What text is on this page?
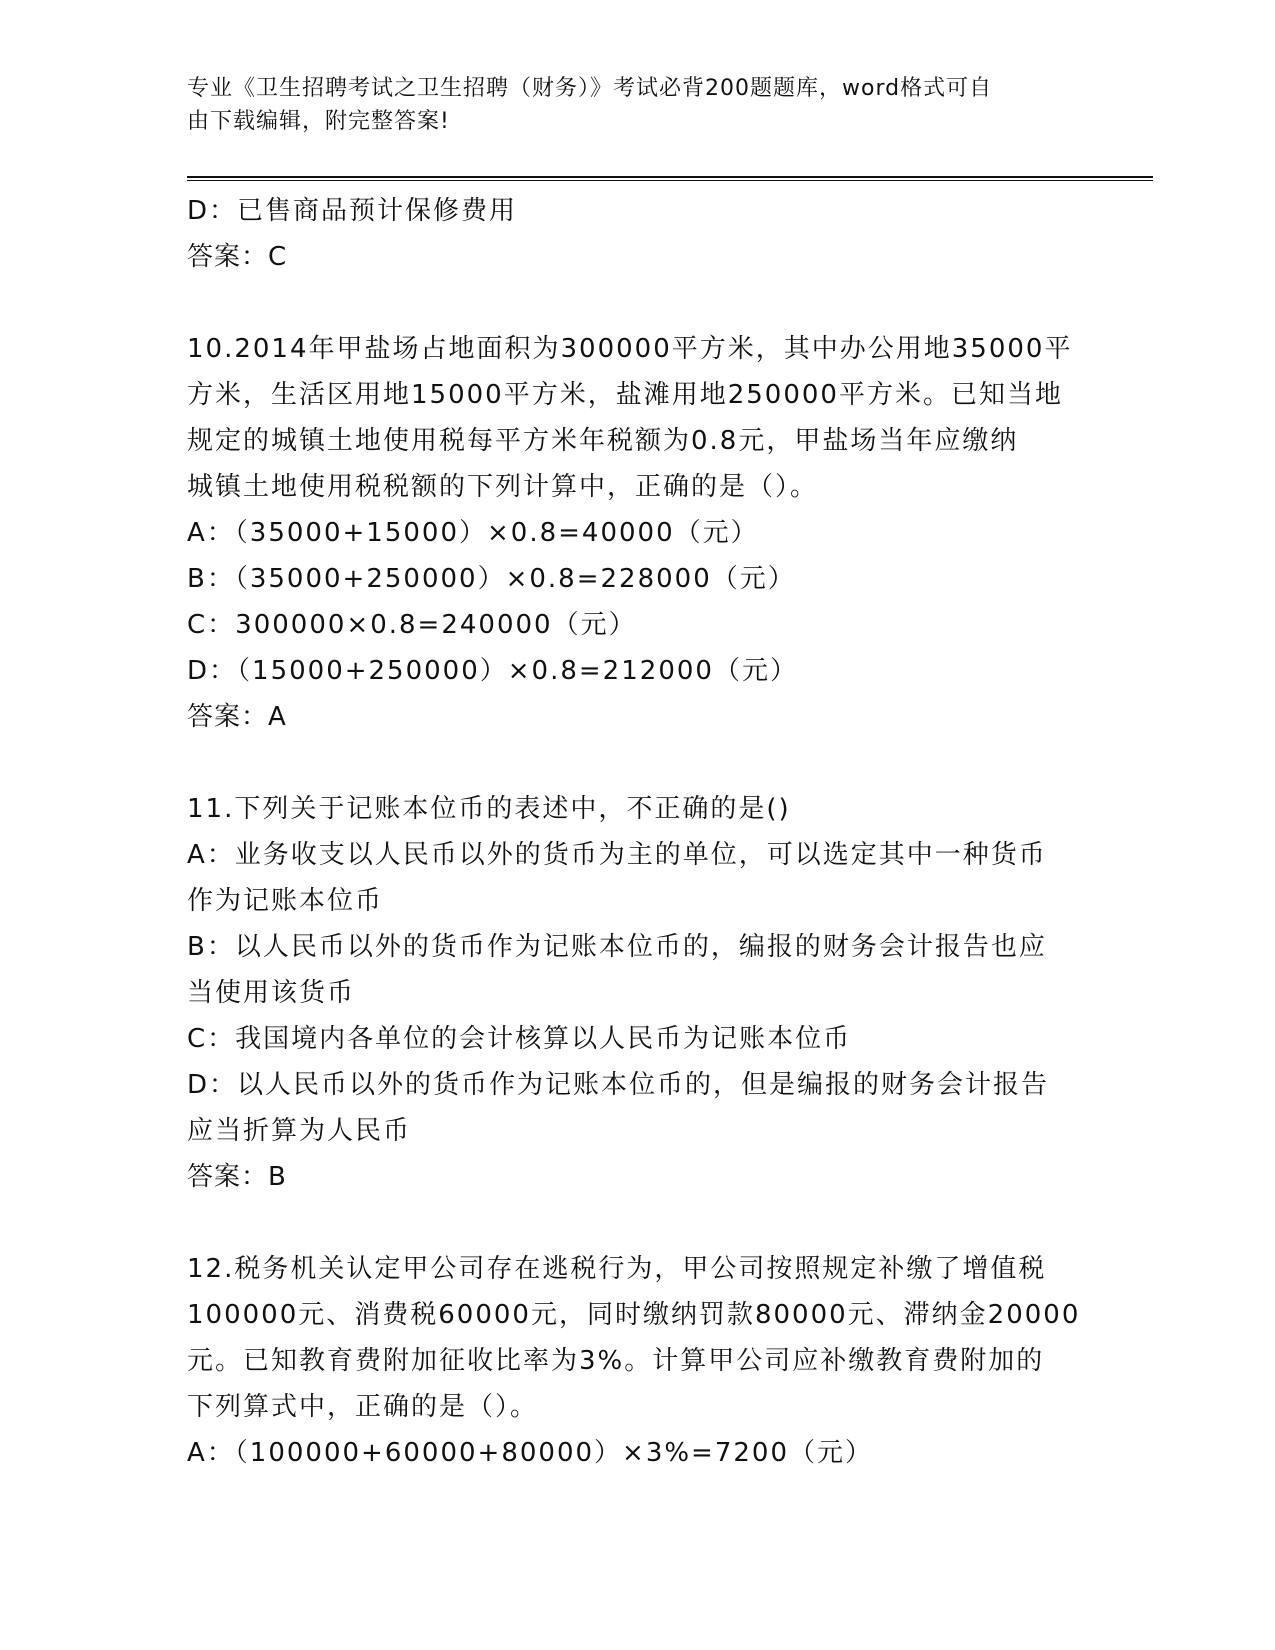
专业《卫生招聘考试之卫生招聘（财务）》考试必背200题题库，word格式可自
由下载编辑，附完整答案!
D：已售商品预计保修费用
答案：C
10.2014年甲盐场占地面积为300000平方米，其中办公用地35000平
方米，生活区用地15000平方米，盐滩用地250000平方米。已知当地
规定的城镇土地使用税每平方米年税额为0.8元，甲盐场当年应缴纳
城镇土地使用税税额的下列计算中，正确的是（）。
A：（35000+15000）×0.8=40000（元）
B：（35000+250000）×0.8=228000（元）
C：300000×0.8=240000（元）
D：（15000+250000）×0.8=212000（元）
答案：A
11.下列关于记账本位币的表述中，不正确的是()
A：业务收支以人民币以外的货币为主的单位，可以选定其中一种货币
作为记账本位币
B：以人民币以外的货币作为记账本位币的，编报的财务会计报告也应
当使用该货币
C：我国境内各单位的会计核算以人民币为记账本位币
D：以人民币以外的货币作为记账本位币的，但是编报的财务会计报告
应当折算为人民币
答案：B
12.税务机关认定甲公司存在逃税行为，甲公司按照规定补缴了增值税
100000元、消费税60000元，同时缴纳罚款80000元、滞纳金20000
元。已知教育费附加征收比率为3%。计算甲公司应补缴教育费附加的
下列算式中，正确的是（）。
A：（100000+60000+80000）×3%=7200（元）
